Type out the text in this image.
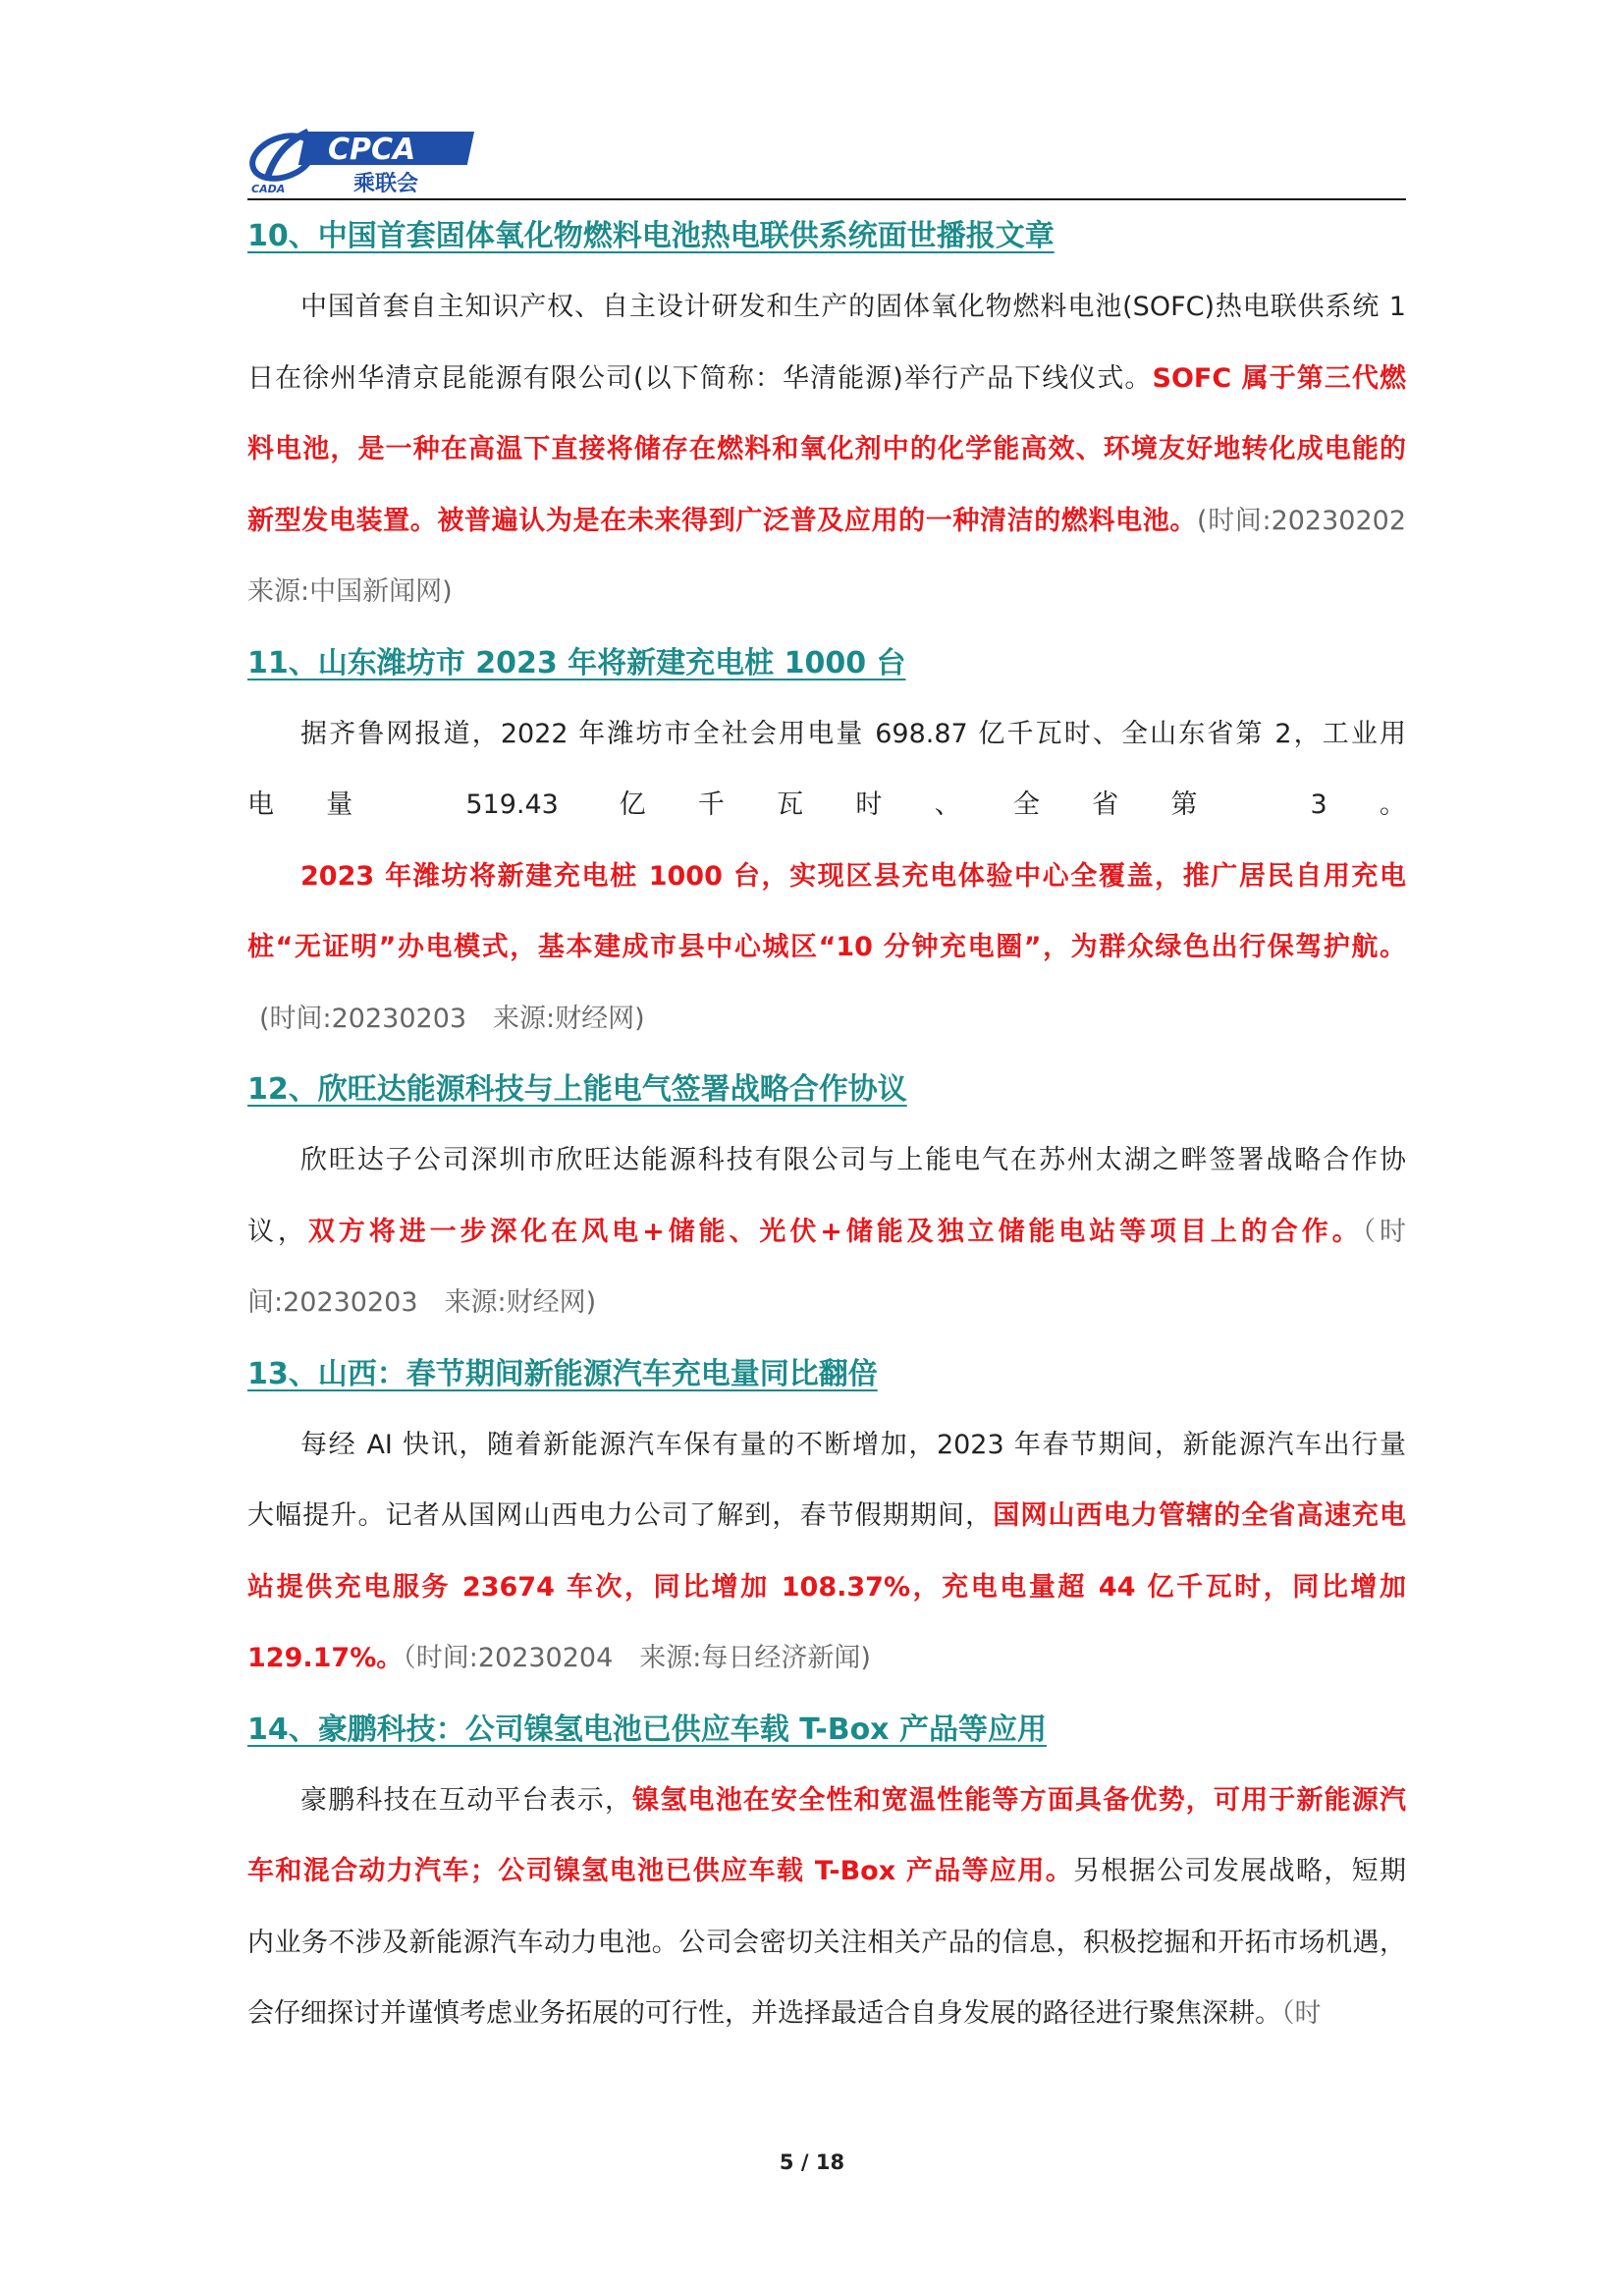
CPCA
乘联会
CADA
10、中国首套固体氧化物燃料电池热电联供系统面世播报文章
中国首套自主知识产权、自主设计研发和生产的固体氧化物燃料电池(SOFC)热电联供系统 1
日在徐州华清京昆能源有限公司(以下简称：华清能源)举行产品下线仪式。SOFC 属于第三代燃
料电池，是一种在高温下直接将储存在燃料和氧化剂中的化学能高效、环境友好地转化成电能的
新型发电装置。被普遍认为是在未来得到广泛普及应用的一种清洁的燃料电池。(时间:20230202
来源:中国新闻网)
11、山东潍坊市 2023 年将新建充电桩 1000 台
据齐鲁网报道，2022 年潍坊市全社会用电量 698.87 亿千瓦时、全山东省第 2，工业用
电量 519.43 亿千瓦时、全省第 3。
2023 年潍坊将新建充电桩 1000 台，实现区县充电体验中心全覆盖，推广居民自用充电
桩“无证明”办电模式，基本建成市县中心城区“10 分钟充电圈”，为群众绿色出行保驾护航。
(时间:20230203　来源:财经网)
12、欣旺达能源科技与上能电气签署战略合作协议
欣旺达子公司深圳市欣旺达能源科技有限公司与上能电气在苏州太湖之畔签署战略合作协
议，双方将进一步深化在风电+储能、光伏+储能及独立储能电站等项目上的合作。（时
间:20230203　来源:财经网)
13、山西：春节期间新能源汽车充电量同比翻倍
每经 AI 快讯，随着新能源汽车保有量的不断增加，2023 年春节期间，新能源汽车出行量
大幅提升。记者从国网山西电力公司了解到，春节假期期间，国网山西电力管辖的全省高速充电
站提供充电服务 23674 车次，同比增加 108.37%，充电电量超 44 亿千瓦时，同比增加
129.17%。（时间:20230204　来源:每日经济新闻)
14、豪鹏科技：公司镍氢电池已供应车载 T-Box 产品等应用
豪鹏科技在互动平台表示，镍氢电池在安全性和宽温性能等方面具备优势，可用于新能源汽
车和混合动力汽车；公司镍氢电池已供应车载 T-Box 产品等应用。另根据公司发展战略，短期
内业务不涉及新能源汽车动力电池。公司会密切关注相关产品的信息，积极挖掘和开拓市场机遇，
会仔细探讨并谨慎考虑业务拓展的可行性，并选择最适合自身发展的路径进行聚焦深耕。（时
5 / 18
